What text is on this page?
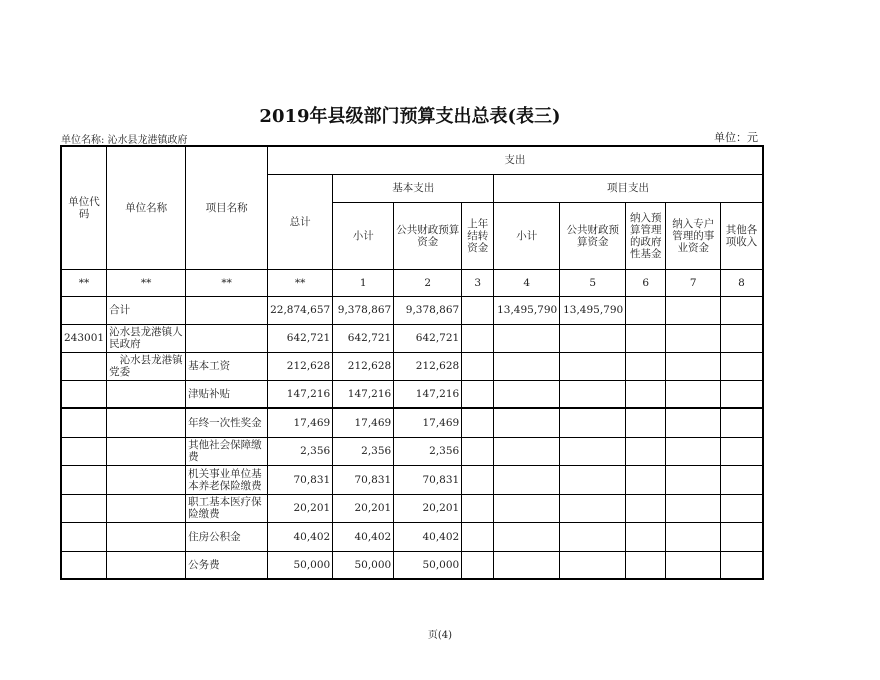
2019年县级部门预算支出总表(表三)
单位名称: 沁水县龙港镇政府	单位：元
单位代码	单位名称	项目名称	支出								
			总计	基本支出			项目支出				
				小计	公共财政预算资金	上年结转资金	小计	公共财政预算资金	纳入预算管理的政府性基金	纳入专户管理的事业资金	其他各项收入
**	**	**	**	1	2	3	4	5	6	7	8
	合计		22,874,657	9,378,867	9,378,867		13,495,790	13,495,790			
243001	沁水县龙港镇人民政府		642,721	642,721	642,721						
	　沁水县龙港镇党委	基本工资	212,628	212,628	212,628						
		津贴补贴	147,216	147,216	147,216						
		年终一次性奖金	17,469	17,469	17,469						
		其他社会保障缴费	2,356	2,356	2,356						
		机关事业单位基本养老保险缴费	70,831	70,831	70,831						
		职工基本医疗保险缴费	20,201	20,201	20,201						
		住房公积金	40,402	40,402	40,402						
		公务费	50,000	50,000	50,000						
页(4)
